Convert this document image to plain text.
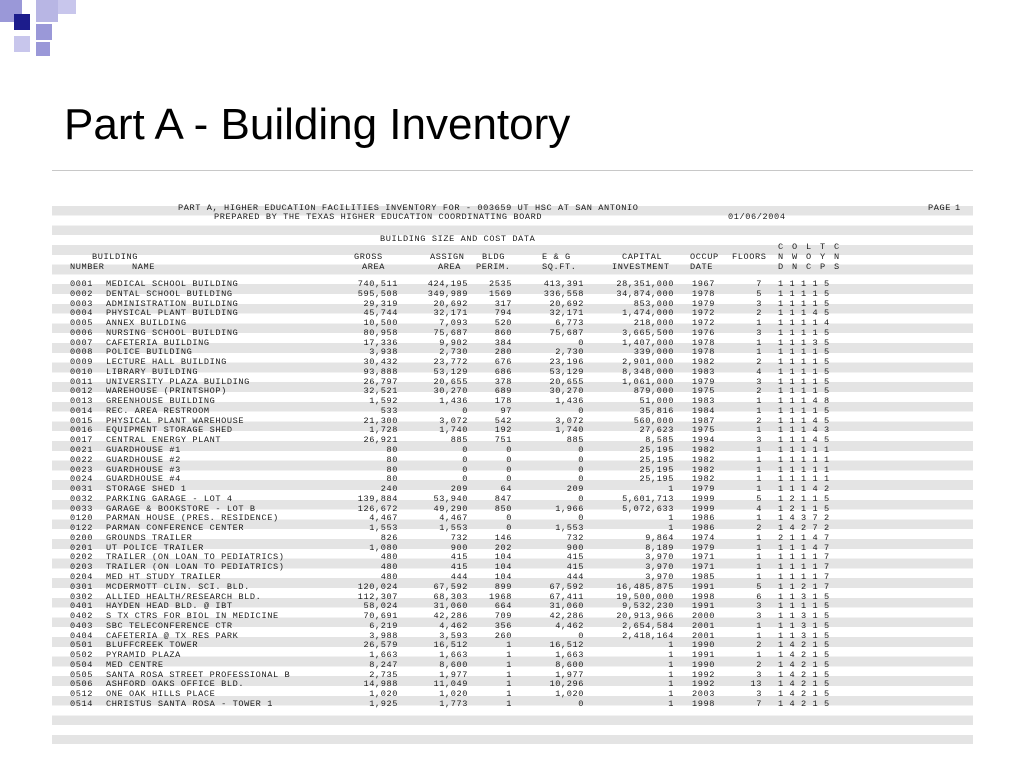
Part A - Building Inventory
PART A, HIGHER EDUCATION FACILITIES INVENTORY FOR - 003659 UT HSC AT SAN ANTONIO
PREPARED BY THE TEXAS HIGHER EDUCATION COORDINATING BOARD	01/06/2004
PAGE 1
BUILDING SIZE AND COST DATA
BUILDING	GROSS	ASSIGN BLDG	E & G	CAPITAL	OCCUP FLOORS
C O L T C
N W O Y N
NUMBER	NAME	AREA	AREA PERIM.	SQ.FT.	INVESTMENT DATE	D N C P S
0001 MEDICAL SCHOOL BUILDING	740,511	424,195	2535	413,391	28,351,000 1967	7 1 1 1 1 5
0002 DENTAL SCHOOL BUILDING	595,508	349,989	1569	336,558	34,874,000 1978	5 1 1 1 1 5
0003 ADMINISTRATION BUILDING	29,319	20,692	317	20,692	853,000 1979	3 1 1 1 1 5
0004 PHYSICAL PLANT BUILDING	45,744	32,171	794	32,171	1,474,000 1972	2 1 1 1 4 5
0005 ANNEX BUILDING	10,500	7,093	520	6,773	218,000 1972	1 1 1 1 1 4
0006 NURSING SCHOOL BUILDING	80,958	75,687	860	75,687	3,665,500 1976	3 1 1 1 1 5
0007 CAFETERIA BUILDING	17,336	9,902	384	0	1,407,000 1978	1 1 1 1 3 5
0008 POLICE BUILDING	3,938	2,730	280	2,730	339,000 1978	1 1 1 1 1 5
0009 LECTURE HALL BUILDING	30,432	23,772	676	23,196	2,901,000 1982	2 1 1 1 1 5
0010 LIBRARY BUILDING	93,888	53,129	686	53,129	8,348,000 1983	4 1 1 1 1 5
0011 UNIVERSITY PLAZA BUILDING	26,797	20,655	378	20,655	1,061,000 1979	3 1 1 1 1 5
0012 WAREHOUSE (PRINTSHOP)	32,521	30,270	689	30,270	879,000 1975	2 1 1 1 1 5
0013 GREENHOUSE BUILDING	1,592	1,436	178	1,436	51,000 1983	1 1 1 1 4 8
0014 REC. AREA RESTROOM	533	0	97	0	35,816 1984	1 1 1 1 1 5
0015 PHYSICAL PLANT WAREHOUSE	21,300	3,072	542	3,072	560,000 1987	2 1 1 1 4 5
0016 EQUIPMENT STORAGE SHED	1,728	1,740	192	1,740	27,623 1975	1 1 1 1 4 3
0017 CENTRAL ENERGY PLANT	26,921	885	751	885	8,585 1994	3 1 1 1 4 5
0021 GUARDHOUSE #1	80	0	0	0	25,195 1982	1 1 1 1 1 1
0022 GUARDHOUSE #2	80	0	0	0	25,195 1982	1 1 1 1 1 1
0023 GUARDHOUSE #3	80	0	0	0	25,195 1982	1 1 1 1 1 1
0024 GUARDHOUSE #4	80	0	0	0	25,195 1982	1 1 1 1 1 1
0031 STORAGE SHED 1	240	209	64	209	1 1979	1 1 1 1 4 2
0032 PARKING GARAGE - LOT 4	139,884	53,940	847	0	5,601,713 1999	5 1 2 1 1 5
0033 GARAGE & BOOKSTORE - LOT B	126,672	49,290	850	1,966	5,072,633 1999	4 1 2 1 1 5
0120 PARMAN HOUSE (PRES. RESIDENCE)	4,467	4,467	0	0	1 1986	1 1 4 3 7 2
0122 PARMAN CONFERENCE CENTER	1,553	1,553	0	1,553	1 1986	2 1 4 2 7 2
0200 GROUNDS TRAILER	826	732	146	732	9,864 1974	1 2 1 1 4 7
0201 UT POLICE TRAILER	1,080	900	202	900	8,189 1979	1 1 1 1 4 7
0202 TRAILER (ON LOAN TO PEDIATRICS)	480	415	104	415	3,970 1971	1 1 1 1 1 7
0203 TRAILER (ON LOAN TO PEDIATRICS)	480	415	104	415	3,970 1971	1 1 1 1 1 7
0204 MED HT STUDY TRAILER	480	444	104	444	3,970 1985	1 1 1 1 1 7
0301 MCDERMOTT CLIN. SCI. BLD.	120,024	67,592	899	67,592	16,485,875 1991	5 1 1 2 1 7
0302 ALLIED HEALTH/RESEARCH BLD.	112,307	68,303	1968	67,411	19,500,000 1998	6 1 1 3 1 5
0401 HAYDEN HEAD BLD. @ IBT	58,024	31,060	664	31,060	9,532,230 1991	3 1 1 1 1 5
0402 S TX CTRS FOR BIOL IN MEDICINE	70,691	42,286	709	42,286	20,913,966 2000	3 1 1 3 1 5
0403 SBC TELECONFERENCE CTR	6,219	4,462	356	4,462	2,654,584 2001	1 1 1 3 1 5
0404 CAFETERIA @ TX RES PARK	3,988	3,593	260	0	2,418,164 2001	1 1 1 3 1 5
0501 BLUFFCREEK TOWER	26,579	16,512	1	16,512	1 1990	2 1 4 2 1 5
0502 PYRAMID PLAZA	1,663	1,663	1	1,663	1 1991	1 1 4 2 1 5
0504 MED CENTRE	8,247	8,600	1	8,600	1 1990	2 1 4 2 1 5
0505 SANTA ROSA STREET PROFESSIONAL B	2,735	1,977	1	1,977	1 1992	3 1 4 2 1 5
0506 ASHFORD OAKS OFFICE BLD.	14,988	11,049	1	10,296	1 1992	13 1 4 2 1 5
0512 ONE OAK HILLS PLACE	1,020	1,020	1	1,020	1 2003	3 1 4 2 1 5
0514 CHRISTUS SANTA ROSA - TOWER 1	1,925	1,773	1	0	1 1998	7 1 4 2 1 5
